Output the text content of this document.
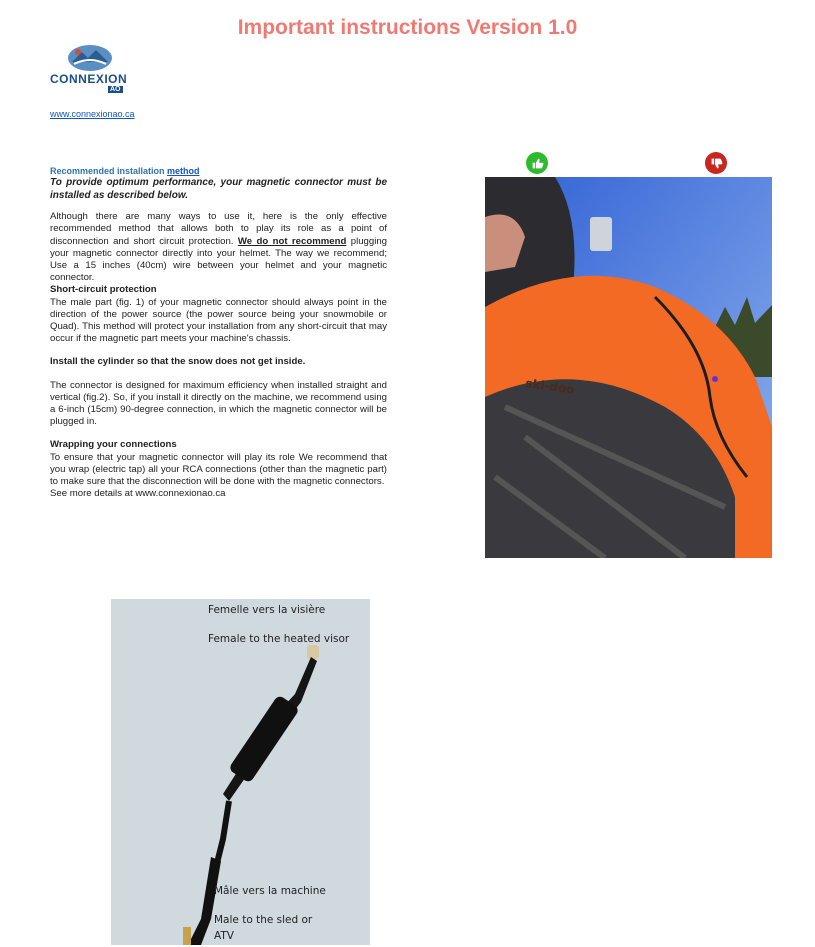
Important instructions Version 1.0
CONNEXION
AO
www.connexionao.ca
Recommended installation method

To provide optimum performance, your magnetic connector must be installed as described below.

Although there are many ways to use it, here is the only effective recommended method that allows both to play its role as a point of disconnection and short circuit protection. We do not recommend plugging your magnetic connector directly into your helmet. The way we recommend; Use a 15 inches (40cm) wire between your helmet and your magnetic connector.

Short-circuit protection

The male part (fig. 1) of your magnetic connector should always point in the direction of the power source (the power source being your snowmobile or Quad). This method will protect your installation from any short-circuit that may occur if the magnetic part meets your machine's chassis.

Install the cylinder so that the snow does not get inside.

The connector is designed for maximum efficiency when installed straight and vertical (fig.2). So, if you install it directly on the machine, we recommend using a 6-inch (15cm) 90-degree connection, in which the magnetic connector will be plugged in.

Wrapping your connections

To ensure that your magnetic connector will play its role We recommend that you wrap (electric tap) all your RCA connections (other than the magnetic part) to make sure that the disconnection will be done with the magnetic connectors.

See more details at www.connexionao.ca
ski-doo
Femelle vers la visière
Female to the heated visor
Mâle vers la machine
Male to the sled or
ATV
